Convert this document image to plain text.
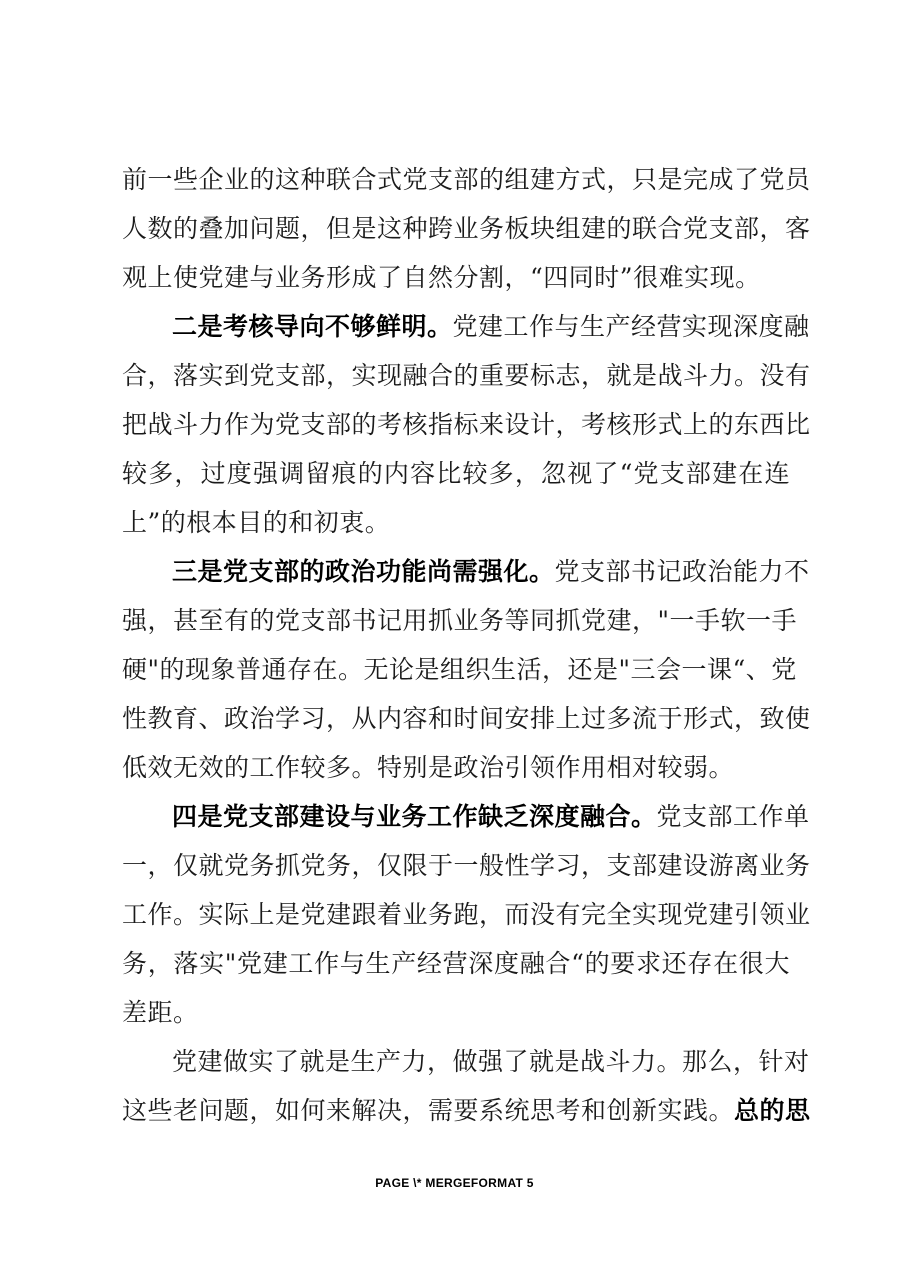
前一些企业的这种联合式党支部的组建方式，只是完成了党员
人数的叠加问题，但是这种跨业务板块组建的联合党支部，客
观上使党建与业务形成了自然分割，“四同时”很难实现。
二是考核导向不够鲜明。党建工作与生产经营实现深度融
合，落实到党支部，实现融合的重要标志，就是战斗力。没有
把战斗力作为党支部的考核指标来设计，考核形式上的东西比
较多，过度强调留痕的内容比较多，忽视了“党支部建在连
上”的根本目的和初衷。
三是党支部的政治功能尚需强化。党支部书记政治能力不
强，甚至有的党支部书记用抓业务等同抓党建，"一手软一手
硬"的现象普通存在。无论是组织生活，还是"三会一课“、党
性教育、政治学习，从内容和时间安排上过多流于形式，致使
低效无效的工作较多。特别是政治引领作用相对较弱。
四是党支部建设与业务工作缺乏深度融合。党支部工作单
一，仅就党务抓党务，仅限于一般性学习，支部建设游离业务
工作。实际上是党建跟着业务跑，而没有完全实现党建引领业
务，落实"党建工作与生产经营深度融合“的要求还存在很大
差距。
党建做实了就是生产力，做强了就是战斗力。那么，针对
这些老问题，如何来解决，需要系统思考和创新实践。总的思
PAGE \* MERGEFORMAT 5
